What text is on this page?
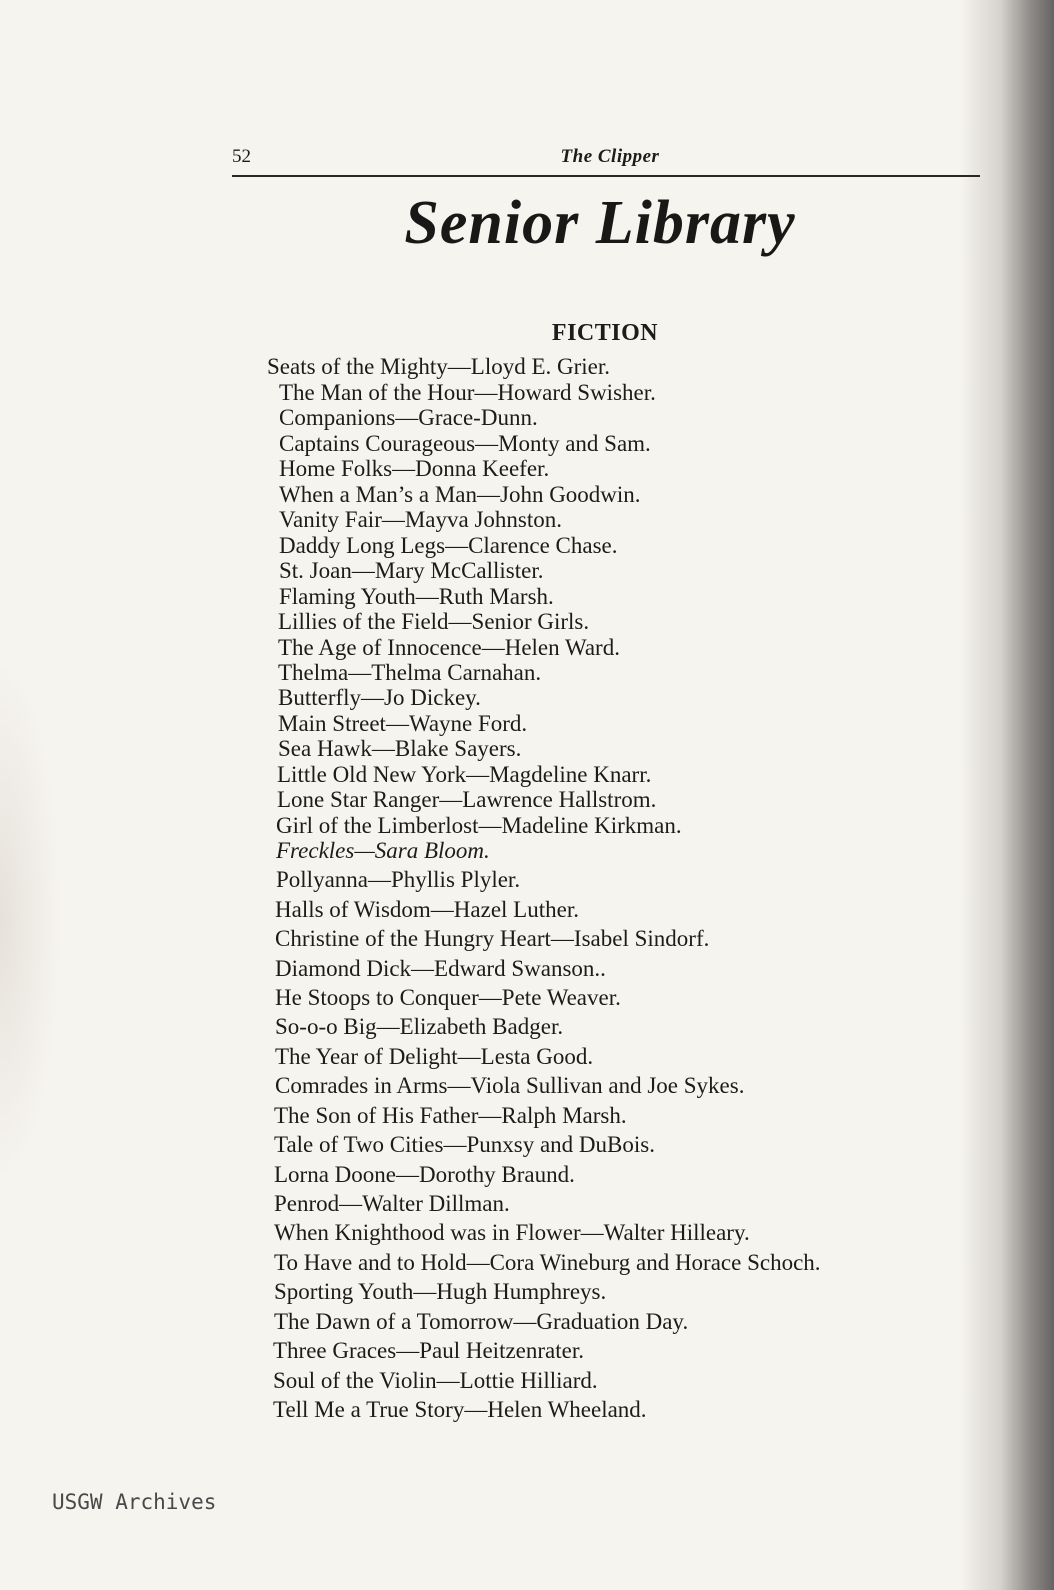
52	The Clipper
Senior Library
FICTION
Seats of the Mighty—Lloyd E. Grier.
The Man of the Hour—Howard Swisher.
Companions—Grace-Dunn.
Captains Courageous—Monty and Sam.
Home Folks—Donna Keefer.
When a Man’s a Man—John Goodwin.
Vanity Fair—Mayva Johnston.
Daddy Long Legs—Clarence Chase.
St. Joan—Mary McCallister.
Flaming Youth—Ruth Marsh.
Lillies of the Field—Senior Girls.
The Age of Innocence—Helen Ward.
Thelma—Thelma Carnahan.
Butterfly—Jo Dickey.
Main Street—Wayne Ford.
Sea Hawk—Blake Sayers.
Little Old New York—Magdeline Knarr.
Lone Star Ranger—Lawrence Hallstrom.
Girl of the Limberlost—Madeline Kirkman.
Freckles—Sara Bloom.
Pollyanna—Phyllis Plyler.
Halls of Wisdom—Hazel Luther.
Christine of the Hungry Heart—Isabel Sindorf.
Diamond Dick—Edward Swanson..
He Stoops to Conquer—Pete Weaver.
So-o-o Big—Elizabeth Badger.
The Year of Delight—Lesta Good.
Comrades in Arms—Viola Sullivan and Joe Sykes.
The Son of His Father—Ralph Marsh.
Tale of Two Cities—Punxsy and DuBois.
Lorna Doone—Dorothy Braund.
Penrod—Walter Dillman.
When Knighthood was in Flower—Walter Hilleary.
To Have and to Hold—Cora Wineburg and Horace Schoch.
Sporting Youth—Hugh Humphreys.
The Dawn of a Tomorrow—Graduation Day.
Three Graces—Paul Heitzenrater.
Soul of the Violin—Lottie Hilliard.
Tell Me a True Story—Helen Wheeland.
USGW Archives
